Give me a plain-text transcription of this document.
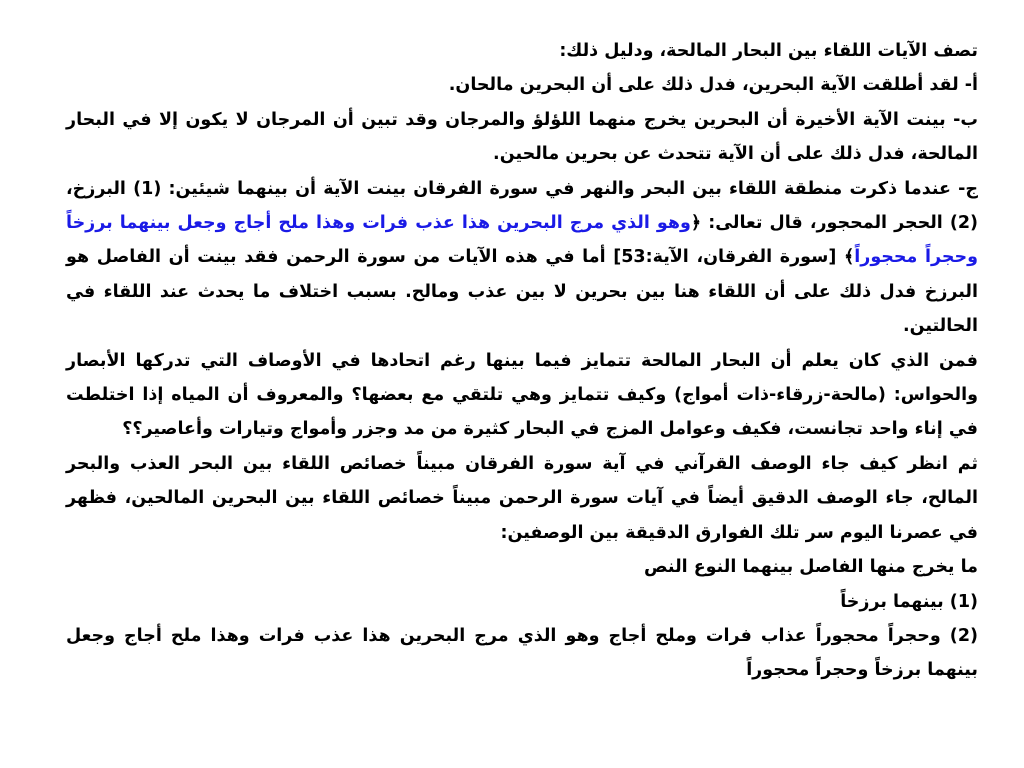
تصف الآيات اللقاء بين البحار المالحة، ودليل ذلك:

أ- لقد أطلقت الآية البحرين، فدل ذلك على أن البحرين مالحان.

ب- بينت الآية الأخيرة أن البحرين يخرج منهما اللؤلؤ والمرجان وقد تبين أن المرجان لا يكون إلا في البحار المالحة، فدل ذلك على أن الآية تتحدث عن بحرين مالحين.

ج- عندما ذكرت منطقة اللقاء بين البحر والنهر في سورة الفرقان بينت الآية أن بينهما شيئين: (1) البرزخ، (2) الحجر المحجور، قال تعالى: ﴿وهو الذي مرج البحرين هذا عذب فرات وهذا ملح أجاج وجعل بينهما برزخاً وحجراً محجوراً﴾ [سورة الفرقان، الآية:53] أما في هذه الآيات من سورة الرحمن فقد بينت أن الفاصل هو البرزخ فدل ذلك على أن اللقاء هنا بين بحرين لا بين عذب ومالح. بسبب اختلاف ما يحدث عند اللقاء في الحالتين.

فمن الذي كان يعلم أن البحار المالحة تتمايز فيما بينها رغم اتحادها في الأوصاف التي تدركها الأبصار والحواس: (مالحة-زرقاء-ذات أمواج) وكيف تتمايز وهي تلتقي مع بعضها؟ والمعروف أن المياه إذا اختلطت في إناء واحد تجانست، فكيف وعوامل المزج في البحار كثيرة من مد وجزر وأمواج وتيارات وأعاصير؟؟

ثم انظر كيف جاء الوصف القرآني في آية سورة الفرقان مبيناً خصائص اللقاء بين البحر العذب والبحر المالح، جاء الوصف الدقيق أيضاً في آيات سورة الرحمن مبيناً خصائص اللقاء بين البحرين المالحين، فظهر في عصرنا اليوم سر تلك الفوارق الدقيقة بين الوصفين:

ما يخرج منها الفاصل بينهما النوع النص

(1) بينهما برزخاً

(2) وحجراً محجوراً عذاب فرات وملح أجاج وهو الذي مرج البحرين هذا عذب فرات وهذا ملح أجاج وجعل بينهما برزخاً وحجراً محجوراً
